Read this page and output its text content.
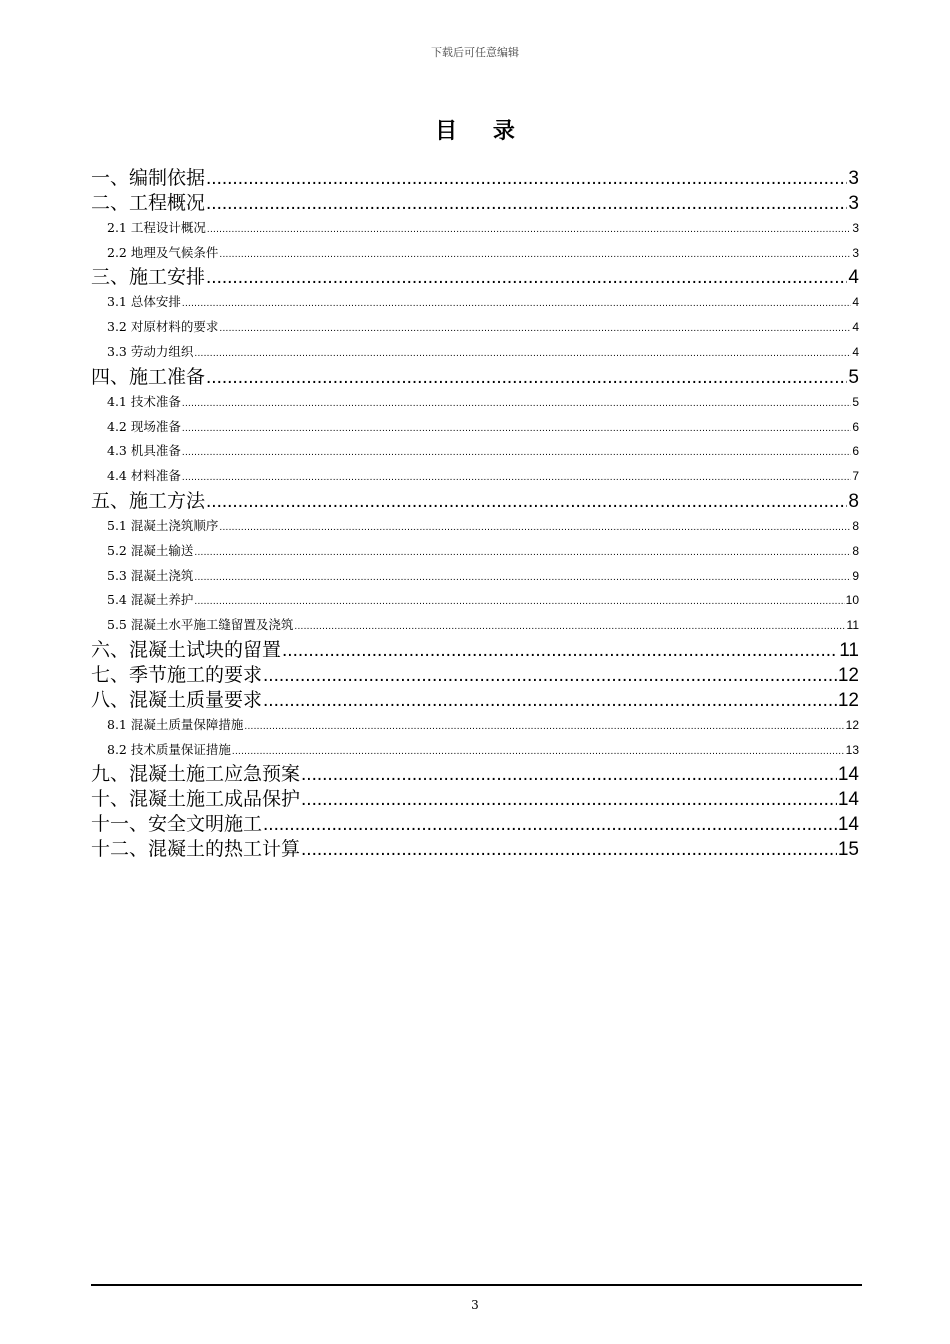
下载后可任意编辑
目 录
一、编制依据 .....	3
二、工程概况 .....	3
2.1 工程设计概况 .....	3
2.2 地理及气候条件 .....	3
三、施工安排 .....	4
3.1 总体安排 .....	4
3.2 对原材料的要求 .....	4
3.3 劳动力组织 .....	4
四、施工准备 .....	5
4.1 技术准备 .....	5
4.2 现场准备 .....	6
4.3 机具准备 .....	6
4.4 材料准备 .....	7
五、施工方法 .....	8
5.1 混凝土浇筑顺序 .....	8
5.2 混凝土输送 .....	8
5.3 混凝土浇筑 .....	9
5.4 混凝土养护 .....	10
5.5 混凝土水平施工缝留置及浇筑 .....	11
六、混凝土试块的留置 .....	11
七、季节施工的要求 .....	12
八、混凝土质量要求 .....	12
8.1 混凝土质量保障措施 .....	12
8.2 技术质量保证措施 .....	13
九、混凝土施工应急预案 .....	14
十、混凝土施工成品保护 .....	14
十一、安全文明施工 .....	14
十二、混凝土的热工计算 .....	15
3
